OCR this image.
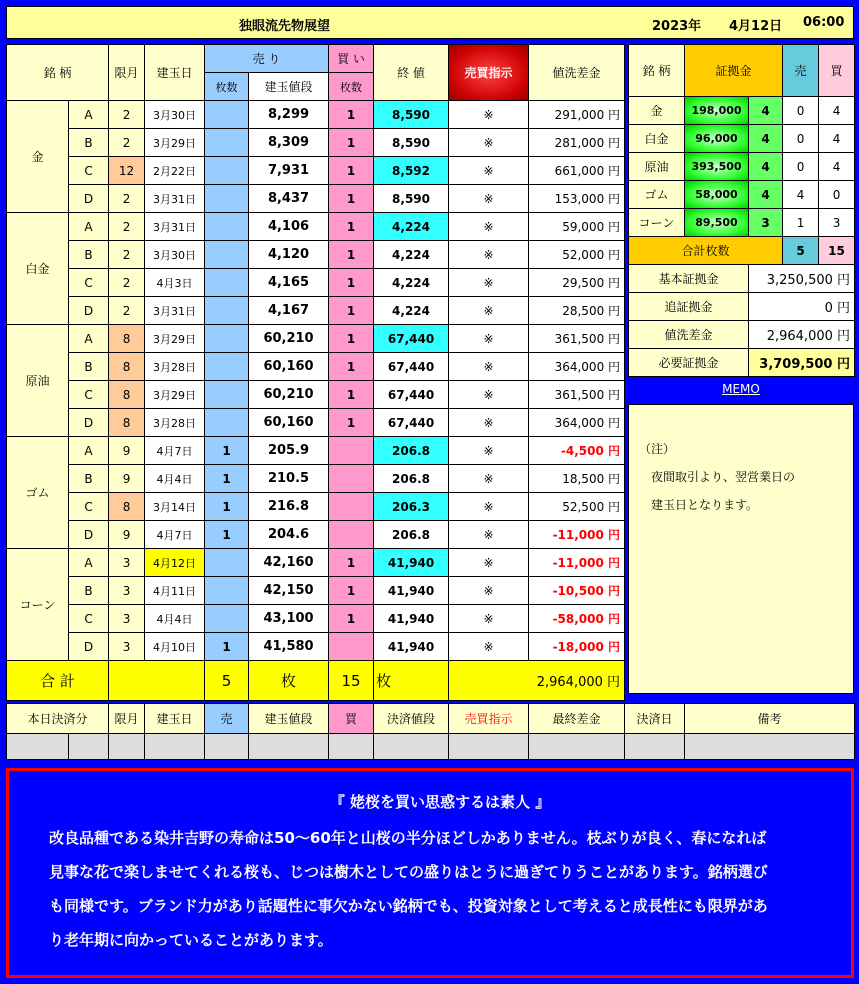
独眼流先物展望	2023年 4月12日 06:00
銘 柄		限月	建玉日	売 り		買 い	終 値	売買指示	値洗差金
				枚数	建玉値段	枚数			
金	A	2	3月30日		8,299	1	8,590	※	291,000 円
	B	2	3月29日		8,309	1	8,590	※	281,000 円
	C	12	2月22日		7,931	1	8,592	※	661,000 円
	D	2	3月31日		8,437	1	8,590	※	153,000 円
白金	A	2	3月31日		4,106	1	4,224	※	59,000 円
	B	2	3月30日		4,120	1	4,224	※	52,000 円
	C	2	4月3日		4,165	1	4,224	※	29,500 円
	D	2	3月31日		4,167	1	4,224	※	28,500 円
原油	A	8	3月29日		60,210	1	67,440	※	361,500 円
	B	8	3月28日		60,160	1	67,440	※	364,000 円
	C	8	3月29日		60,210	1	67,440	※	361,500 円
	D	8	3月28日		60,160	1	67,440	※	364,000 円
ゴム	A	9	4月7日	1	205.9		206.8	※	-4,500 円
	B	9	4月4日	1	210.5		206.8	※	18,500 円
	C	8	3月14日	1	216.8		206.3	※	52,500 円
	D	9	4月7日	1	204.6		206.8	※	-11,000 円
コーン	A	3	4月12日		42,160	1	41,940	※	-11,000 円
	B	3	4月11日		42,150	1	41,940	※	-10,500 円
	C	3	4月4日		43,100	1	41,940	※	-58,000 円
	D	3	4月10日	1	41,580		41,940	※	-18,000 円
合 計				5	枚	15	枚	2,964,000 円	
銘 柄	証拠金		売	買
金	198,000	4	0	4
白金	96,000	4	0	4
原油	393,500	4	0	4
ゴム	58,000	4	4	0
コーン	89,500	3	1	3
合計枚数			5	15
基本証拠金		3,250,500 円		
追証拠金		0 円		
値洗差金		2,964,000 円		
必要証拠金		3,709,500 円		
MEMO
（注）
　夜間取引より、翌営業日の
　建玉日となります。
本日決済分		限月	建玉日	売	建玉値段	買	決済値段	売買指示	最終差金	決済日	備考

『 姥桜を買い思惑するは素人 』
改良品種である染井吉野の寿命は50～60年と山桜の半分ほどしかありません。枝ぶりが良く、春になれば
見事な花で楽しませてくれる桜も、じつは樹木としての盛りはとうに過ぎてりうことがあります。銘柄選び
も同様です。ブランド力があり話題性に事欠かない銘柄でも、投資対象として考えると成長性にも限界があ
り老年期に向かっていることがあります。
